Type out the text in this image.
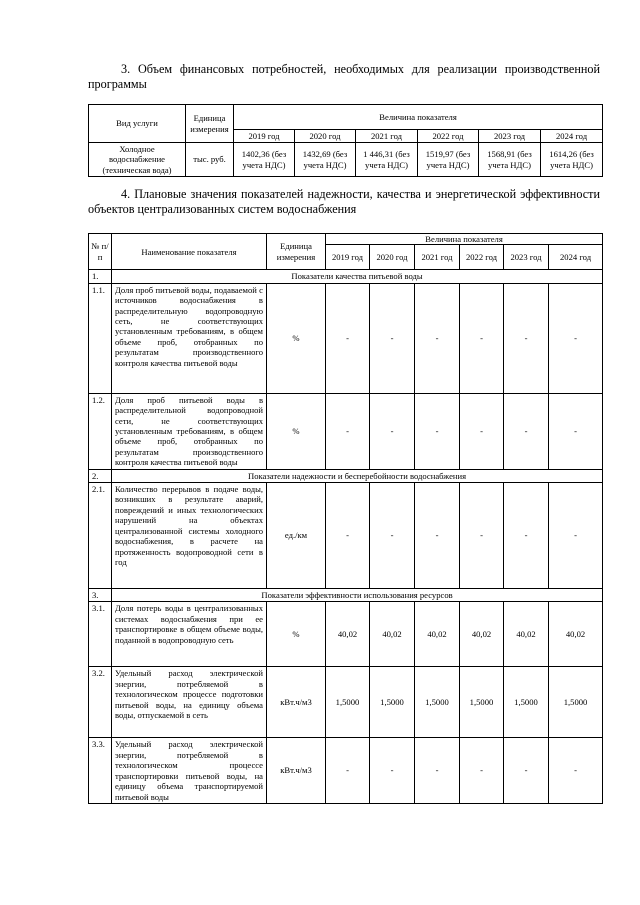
3. Объем финансовых потребностей, необходимых для реализации производственной программы
Вид услуги	Единица измерения	Величина показателя					
		2019 год	2020 год	2021 год	2022 год	2023 год	2024 год
Холодное водоснабжение (техническая вода)	тыс. руб.	1402,36 (без учета НДС)	1432,69 (без учета НДС)	1 446,31 (без учета НДС)	1519,97 (без учета НДС)	1568,91 (без учета НДС)	1614,26 (без учета НДС)
4. Плановые значения показателей надежности, качества и энергетической эффективности объектов централизованных систем водоснабжения
№ п/п	Наименование показателя	Единица измерения	Величина показателя					
			2019 год	2020 год	2021 год	2022 год	2023 год	2024 год
1.	Показатели качества питьевой воды							
1.1.	Доля проб питьевой воды, подаваемой с источников водоснабжения в распределительную водопроводную сеть, не соответствующих установленным требованиям, в общем объеме проб, отобранных по результатам производственного контроля качества питьевой воды	%	-	-	-	-	-	-
1.2.	Доля проб питьевой воды в распределительной водопроводной сети, не соответствующих установленным требованиям, в общем объеме проб, отобранных по результатам производственного контроля качества питьевой воды	%	-	-	-	-	-	-
2.	Показатели надежности и бесперебойности водоснабжения							
2.1.	Количество перерывов в подаче воды, возникших в результате аварий, повреждений и иных технологических нарушений на объектах централизованной системы холодного водоснабжения, в расчете на протяженность водопроводной сети в год	ед./км	-	-	-	-	-	-
3.	Показатели эффективности использования ресурсов							
3.1.	Доля потерь воды в централизованных системах водоснабжения при ее транспортировке в общем объеме воды, поданной в водопроводную сеть	%	40,02	40,02	40,02	40,02	40,02	40,02
3.2.	Удельный расход электрической энергии, потребляемой в технологическом процессе подготовки питьевой воды, на единицу объема воды, отпускаемой в сеть	кВт.ч/м3	1,5000	1,5000	1,5000	1,5000	1,5000	1,5000
3.3.	Удельный расход электрической энергии, потребляемой в технологическом процессе транспортировки питьевой воды, на единицу объема транспортируемой питьевой воды	кВт.ч/м3	-	-	-	-	-	-
